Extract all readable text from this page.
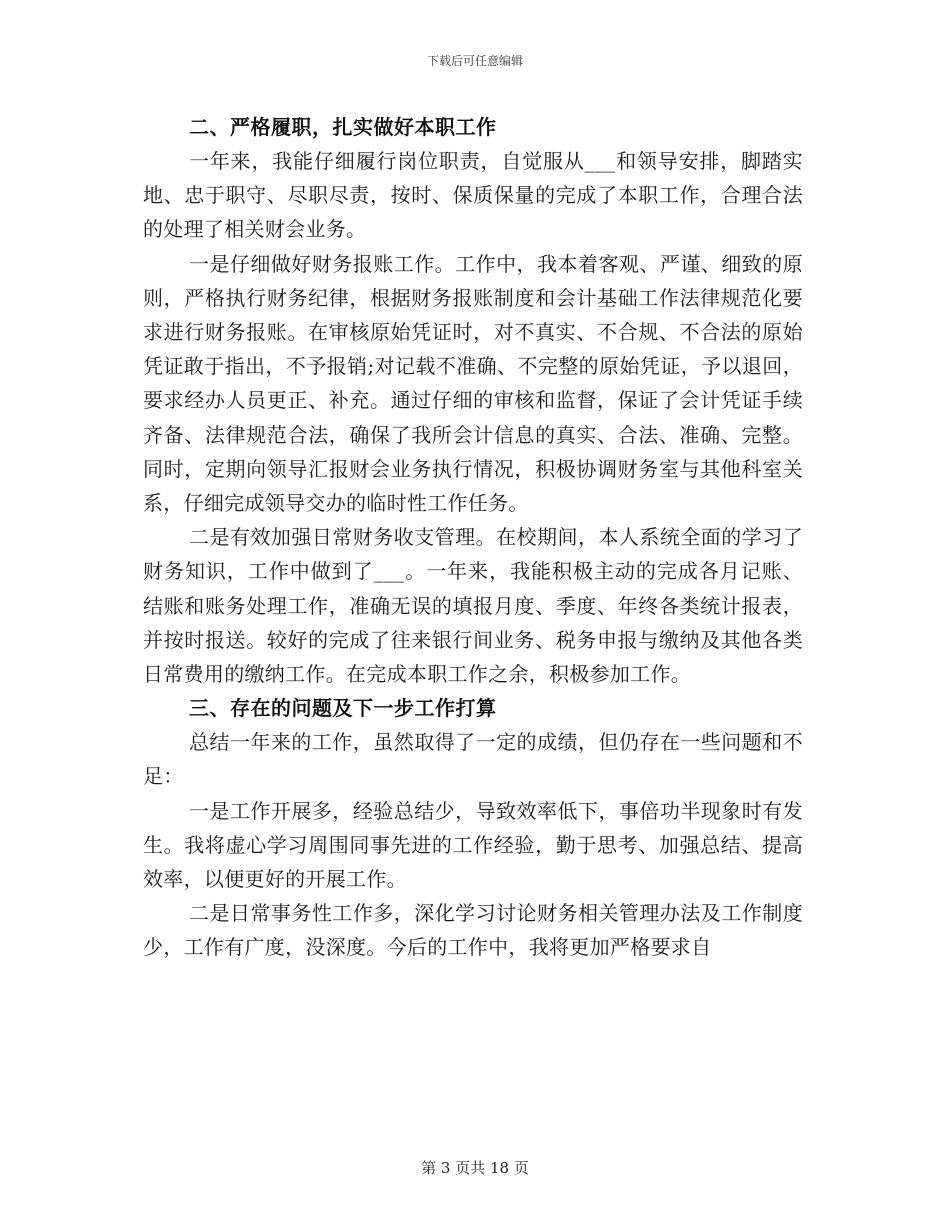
下载后可任意编辑

二、严格履职，扎实做好本职工作

一年来，我能仔细履行岗位职责，自觉服从___和领导安排，脚踏实地、忠于职守、尽职尽责，按时、保质保量的完成了本职工作，合理合法的处理了相关财会业务。

一是仔细做好财务报账工作。工作中，我本着客观、严谨、细致的原则，严格执行财务纪律，根据财务报账制度和会计基础工作法律规范化要求进行财务报账。在审核原始凭证时，对不真实、不合规、不合法的原始凭证敢于指出，不予报销;对记载不准确、不完整的原始凭证，予以退回，要求经办人员更正、补充。通过仔细的审核和监督，保证了会计凭证手续齐备、法律规范合法，确保了我所会计信息的真实、合法、准确、完整。同时，定期向领导汇报财会业务执行情况，积极协调财务室与其他科室关系，仔细完成领导交办的临时性工作任务。

二是有效加强日常财务收支管理。在校期间，本人系统全面的学习了财务知识，工作中做到了___。一年来，我能积极主动的完成各月记账、结账和账务处理工作，准确无误的填报月度、季度、年终各类统计报表，并按时报送。较好的完成了往来银行间业务、税务申报与缴纳及其他各类日常费用的缴纳工作。在完成本职工作之余，积极参加工作。

三、存在的问题及下一步工作打算

总结一年来的工作，虽然取得了一定的成绩，但仍存在一些问题和不足：

一是工作开展多，经验总结少，导致效率低下，事倍功半现象时有发生。我将虚心学习周围同事先进的工作经验，勤于思考、加强总结、提高效率，以便更好的开展工作。

二是日常事务性工作多，深化学习讨论财务相关管理办法及工作制度少，工作有广度，没深度。今后的工作中，我将更加严格要求自

第 3 页共 18 页
